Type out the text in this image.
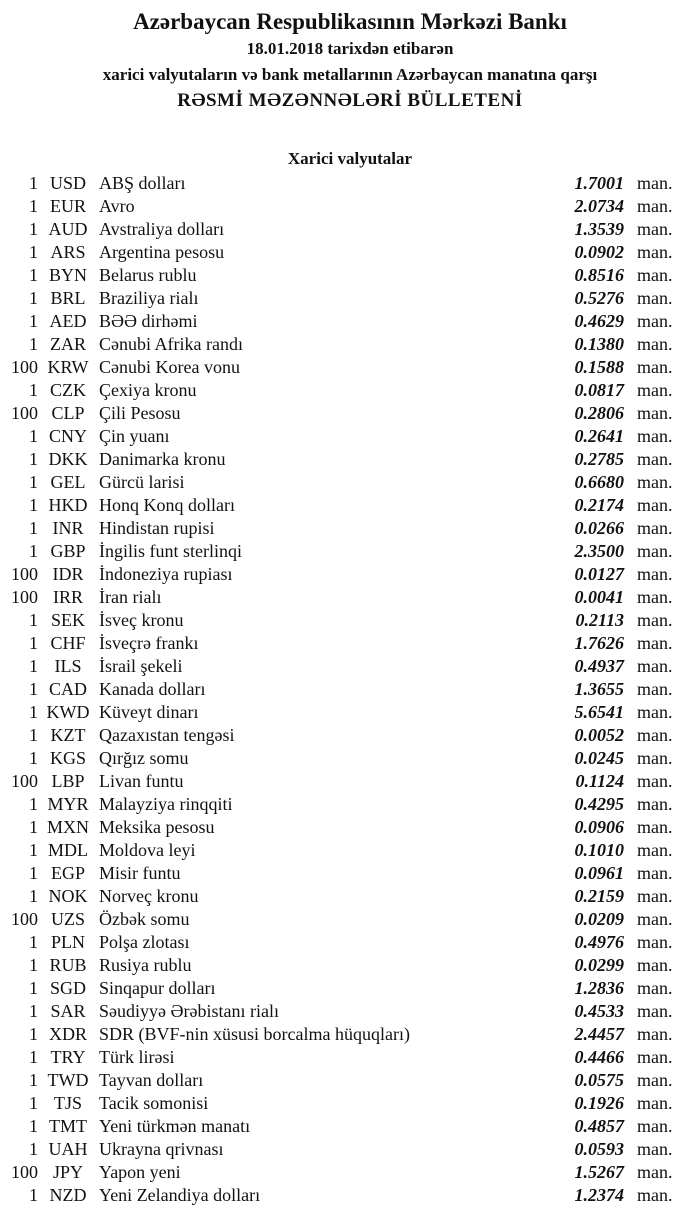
Azərbaycan Respublikasının Mərkəzi Bankı
18.01.2018 tarixdən etibarən
xarici valyutaların və bank metallarının Azərbaycan manatına qarşı
RƏSMİ MƏZƏNNƏLƏRİ BÜLLETENİ
Xarici valyutalar
1 USD ABŞ dolları	1.7001 man.
1 EUR Avro	2.0734 man.
1 AUD Avstraliya dolları	1.3539 man.
1 ARS Argentina pesosu	0.0902 man.
1 BYN Belarus rublu	0.8516 man.
1 BRL Braziliya rialı	0.5276 man.
1 AED BƏƏ dirhəmi	0.4629 man.
1 ZAR Cənubi Afrika randı	0.1380 man.
100 KRW Cənubi Korea vonu	0.1588 man.
1 CZK Çexiya kronu	0.0817 man.
100 CLP Çili Pesosu	0.2806 man.
1 CNY Çin yuanı	0.2641 man.
1 DKK Danimarka kronu	0.2785 man.
1 GEL Gürcü larisi	0.6680 man.
1 HKD Honq Konq dolları	0.2174 man.
1 INR Hindistan rupisi	0.0266 man.
1 GBP İngilis funt sterlinqi	2.3500 man.
100 IDR İndoneziya rupiası	0.0127 man.
100 IRR İran rialı	0.0041 man.
1 SEK İsveç kronu	0.2113 man.
1 CHF İsveçrə frankı	1.7626 man.
1 ILS İsrail şekeli	0.4937 man.
1 CAD Kanada dolları	1.3655 man.
1 KWD Küveyt dinarı	5.6541 man.
1 KZT Qazaxıstan tengəsi	0.0052 man.
1 KGS Qırğız somu	0.0245 man.
100 LBP Livan funtu	0.1124 man.
1 MYR Malayziya rinqqiti	0.4295 man.
1 MXN Meksika pesosu	0.0906 man.
1 MDL Moldova leyi	0.1010 man.
1 EGP Misir funtu	0.0961 man.
1 NOK Norveç kronu	0.2159 man.
100 UZS Özbək somu	0.0209 man.
1 PLN Polşa zlotası	0.4976 man.
1 RUB Rusiya rublu	0.0299 man.
1 SGD Sinqapur dolları	1.2836 man.
1 SAR Səudiyyə Ərəbistanı rialı	0.4533 man.
1 XDR SDR (BVF-nin xüsusi borcalma hüquqları)	2.4457 man.
1 TRY Türk lirəsi	0.4466 man.
1 TWD Tayvan dolları	0.0575 man.
1 TJS Tacik somonisi	0.1926 man.
1 TMT Yeni türkmən manatı	0.4857 man.
1 UAH Ukrayna qrivnası	0.0593 man.
100 JPY Yapon yeni	1.5267 man.
1 NZD Yeni Zelandiya dolları	1.2374 man.
